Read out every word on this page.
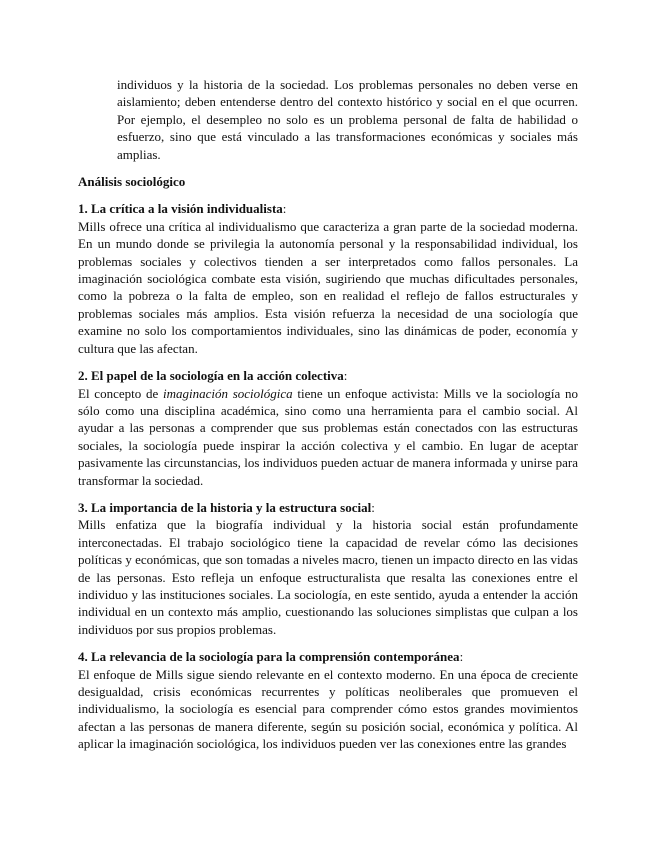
individuos y la historia de la sociedad. Los problemas personales no deben verse en aislamiento; deben entenderse dentro del contexto histórico y social en el que ocurren. Por ejemplo, el desempleo no solo es un problema personal de falta de habilidad o esfuerzo, sino que está vinculado a las transformaciones económicas y sociales más amplias.

Análisis sociológico

1. La crítica a la visión individualista:

Mills ofrece una crítica al individualismo que caracteriza a gran parte de la sociedad moderna. En un mundo donde se privilegia la autonomía personal y la responsabilidad individual, los problemas sociales y colectivos tienden a ser interpretados como fallos personales. La imaginación sociológica combate esta visión, sugiriendo que muchas dificultades personales, como la pobreza o la falta de empleo, son en realidad el reflejo de fallos estructurales y problemas sociales más amplios. Esta visión refuerza la necesidad de una sociología que examine no solo los comportamientos individuales, sino las dinámicas de poder, economía y cultura que las afectan.

2. El papel de la sociología en la acción colectiva:

El concepto de imaginación sociológica tiene un enfoque activista: Mills ve la sociología no sólo como una disciplina académica, sino como una herramienta para el cambio social. Al ayudar a las personas a comprender que sus problemas están conectados con las estructuras sociales, la sociología puede inspirar la acción colectiva y el cambio. En lugar de aceptar pasivamente las circunstancias, los individuos pueden actuar de manera informada y unirse para transformar la sociedad.

3. La importancia de la historia y la estructura social:

Mills enfatiza que la biografía individual y la historia social están profundamente interconectadas. El trabajo sociológico tiene la capacidad de revelar cómo las decisiones políticas y económicas, que son tomadas a niveles macro, tienen un impacto directo en las vidas de las personas. Esto refleja un enfoque estructuralista que resalta las conexiones entre el individuo y las instituciones sociales. La sociología, en este sentido, ayuda a entender la acción individual en un contexto más amplio, cuestionando las soluciones simplistas que culpan a los individuos por sus propios problemas.

4. La relevancia de la sociología para la comprensión contemporánea:

El enfoque de Mills sigue siendo relevante en el contexto moderno. En una época de creciente desigualdad, crisis económicas recurrentes y políticas neoliberales que promueven el individualismo, la sociología es esencial para comprender cómo estos grandes movimientos afectan a las personas de manera diferente, según su posición social, económica y política. Al aplicar la imaginación sociológica, los individuos pueden ver las conexiones entre las grandes
